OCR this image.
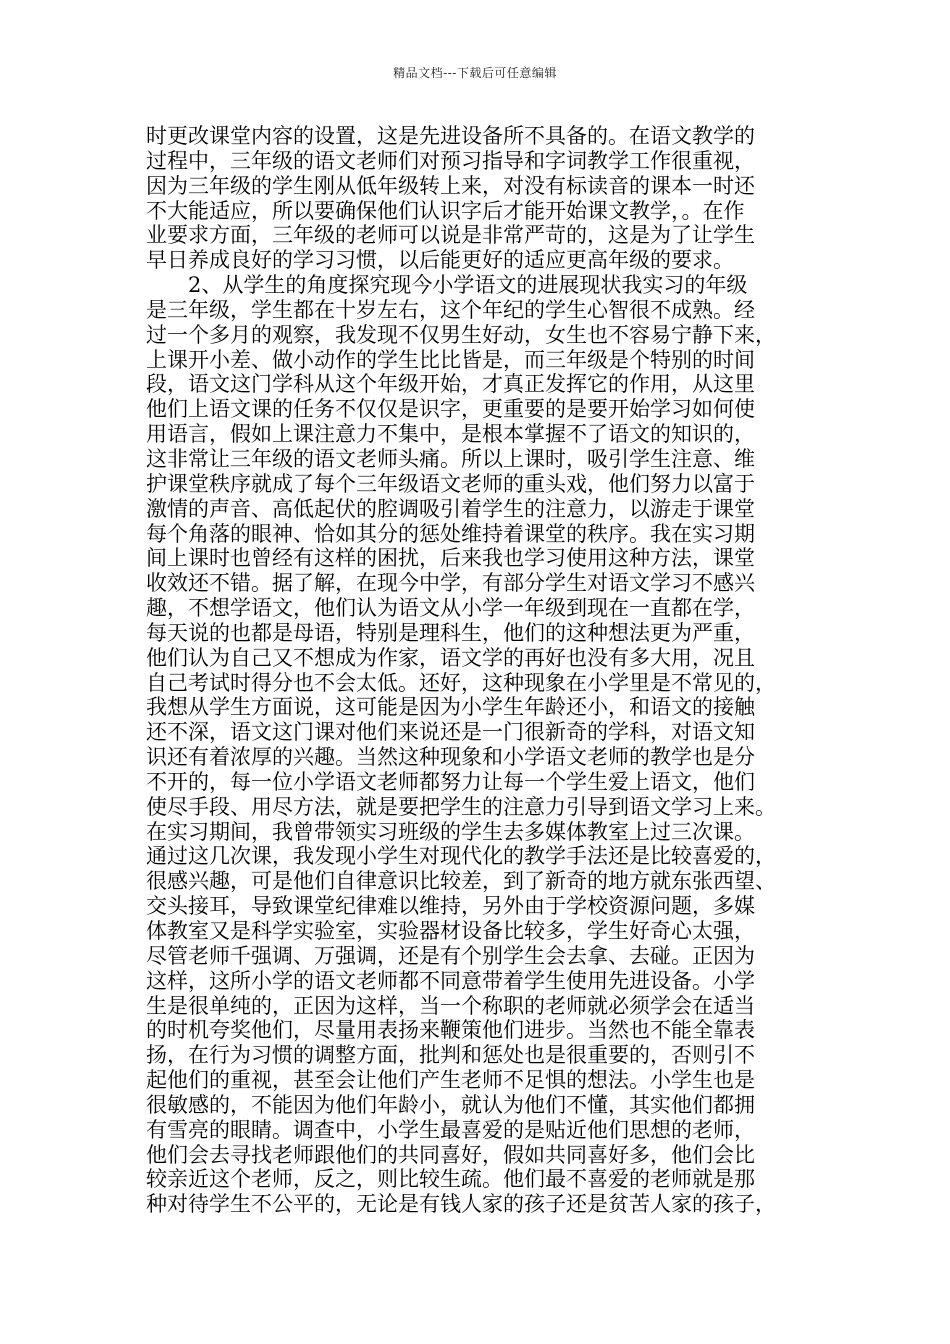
精品文档---下载后可任意编辑
时更改课堂内容的设置，这是先进设备所不具备的。在语文教学的
过程中，三年级的语文老师们对预习指导和字词教学工作很重视，
因为三年级的学生刚从低年级转上来，对没有标读音的课本一时还
不大能适应，所以要确保他们认识字后才能开始课文教学，。在作
业要求方面，三年级的老师可以说是非常严苛的，这是为了让学生
早日养成良好的学习习惯，以后能更好的适应更高年级的要求。
　　2、从学生的角度探究现今小学语文的进展现状我实习的年级
是三年级，学生都在十岁左右，这个年纪的学生心智很不成熟。经
过一个多月的观察，我发现不仅男生好动，女生也不容易宁静下来，
上课开小差、做小动作的学生比比皆是，而三年级是个特别的时间
段，语文这门学科从这个年级开始，才真正发挥它的作用，从这里
他们上语文课的任务不仅仅是识字，更重要的是要开始学习如何使
用语言，假如上课注意力不集中，是根本掌握不了语文的知识的，
这非常让三年级的语文老师头痛。所以上课时，吸引学生注意、维
护课堂秩序就成了每个三年级语文老师的重头戏，他们努力以富于
激情的声音、高低起伏的腔调吸引着学生的注意力，以游走于课堂
每个角落的眼神、恰如其分的惩处维持着课堂的秩序。我在实习期
间上课时也曾经有这样的困扰，后来我也学习使用这种方法，课堂
收效还不错。据了解，在现今中学，有部分学生对语文学习不感兴
趣，不想学语文，他们认为语文从小学一年级到现在一直都在学，
每天说的也都是母语，特别是理科生，他们的这种想法更为严重，
他们认为自己又不想成为作家，语文学的再好也没有多大用，况且
自己考试时得分也不会太低。还好，这种现象在小学里是不常见的，
我想从学生方面说，这可能是因为小学生年龄还小，和语文的接触
还不深，语文这门课对他们来说还是一门很新奇的学科，对语文知
识还有着浓厚的兴趣。当然这种现象和小学语文老师的教学也是分
不开的，每一位小学语文老师都努力让每一个学生爱上语文，他们
使尽手段、用尽方法，就是要把学生的注意力引导到语文学习上来。
在实习期间，我曾带领实习班级的学生去多媒体教室上过三次课。
通过这几次课，我发现小学生对现代化的教学手法还是比较喜爱的，
很感兴趣，可是他们自律意识比较差，到了新奇的地方就东张西望、
交头接耳，导致课堂纪律难以维持，另外由于学校资源问题，多媒
体教室又是科学实验室，实验器材设备比较多，学生好奇心太强，
尽管老师千强调、万强调，还是有个别学生会去拿、去碰。正因为
这样，这所小学的语文老师都不同意带着学生使用先进设备。小学
生是很单纯的，正因为这样，当一个称职的老师就必须学会在适当
的时机夸奖他们，尽量用表扬来鞭策他们进步。当然也不能全靠表
扬，在行为习惯的调整方面，批判和惩处也是很重要的，否则引不
起他们的重视，甚至会让他们产生老师不足惧的想法。小学生也是
很敏感的，不能因为他们年龄小，就认为他们不懂，其实他们都拥
有雪亮的眼睛。调查中，小学生最喜爱的是贴近他们思想的老师，
他们会去寻找老师跟他们的共同喜好，假如共同喜好多，他们会比
较亲近这个老师，反之，则比较生疏。他们最不喜爱的老师就是那
种对待学生不公平的，无论是有钱人家的孩子还是贫苦人家的孩子，
